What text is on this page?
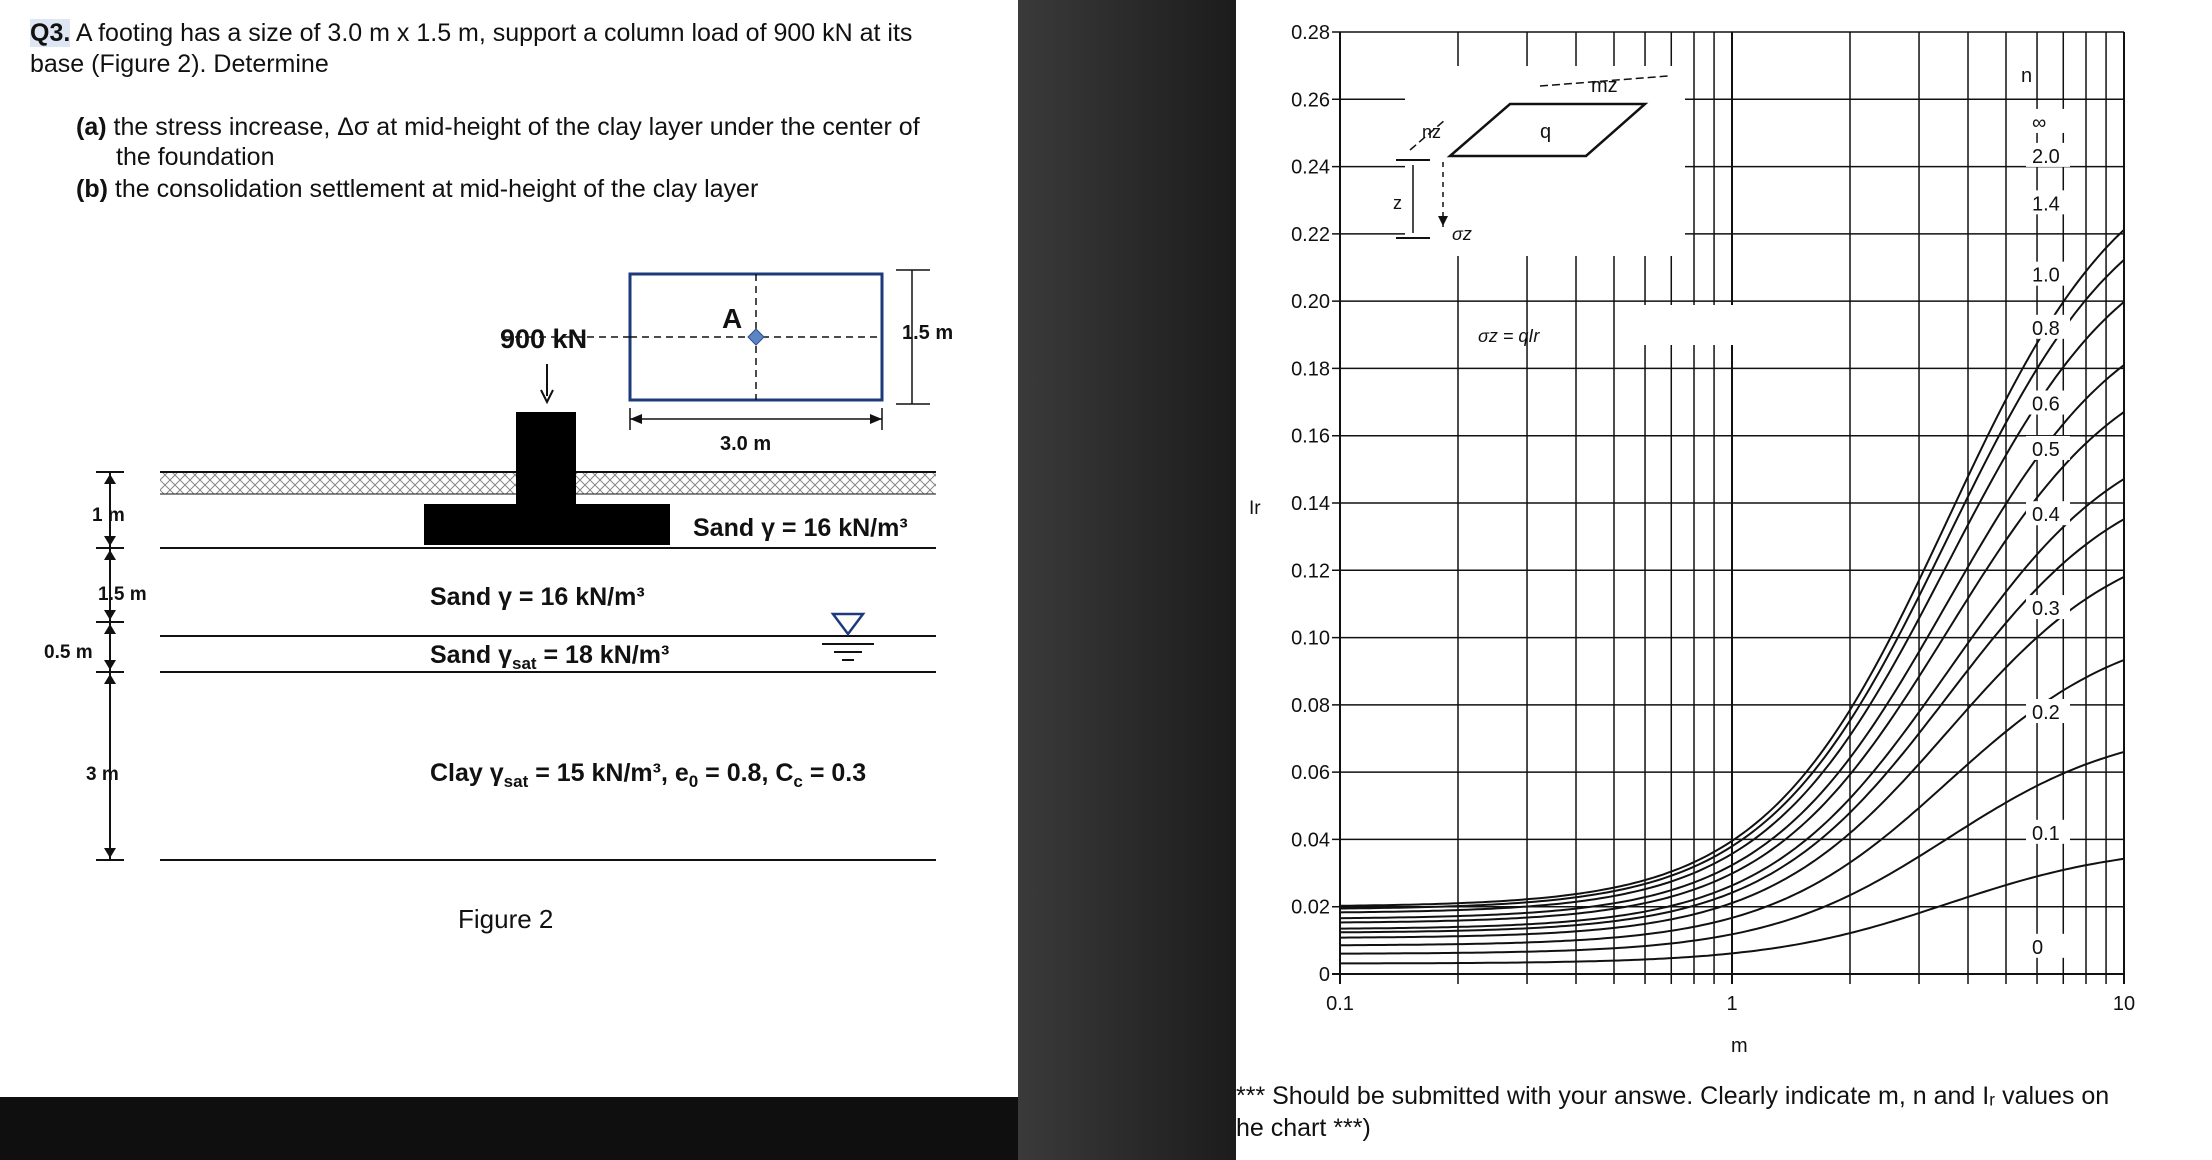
Q3. A footing has a size of 3.0 m x 1.5 m, support a column load of 900 kN at its
base (Figure 2). Determine
(a) the stress increase, Δσ at mid-height of the clay layer under the center of
the foundation
(b) the consolidation settlement at mid-height of the clay layer
A	1.5 m
3.0 m
900 kN
Sand γ = 16 kN/m³
Sand γ = 16 kN/m³
Sand $\gamma_{sat} = 18$ kN/m³
Clay $\gamma_{sat} = 15$ kN/m³, $e_0 = 0.8$, $C_c = 0.3$
1 m
1.5 m
0.5 m
3 m
Figure 2
0
0.02
0.04
0.06
0.08
0.10
0.12
0.14
0.16
0.18
0.20
0.22
0.24
0.26
0.28
0.1	1	10
∞
2.0
1.4
1.0
0.8
0.6
0.5
0.4
0.3
0.2
0.1
0
Ir
m
n
mz
nz	q
z
σz
σz = qIr
*** Should be submitted with your answe. Clearly indicate m, n and Iᵣ values on
he chart ***)
